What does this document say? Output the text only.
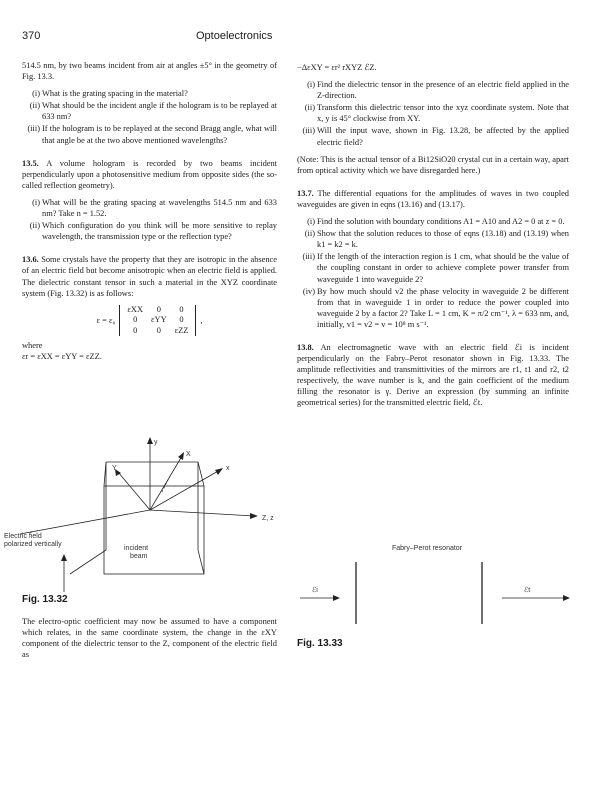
370	Optoelectronics

514.5 nm, by two beams incident from air at angles ±5° in the geometry of Fig. 13.3.

(i) What is the grating spacing in the material?
(ii) What should be the incident angle if the hologram is to be replayed at 633 nm?
(iii) If the hologram is to be replayed at the second Bragg angle, what will that angle be at the two above mentioned wavelengths?

13.5. A volume hologram is recorded by two beams incident perpendicularly upon a photosensitive medium from opposite sides (the so-called reflection geometry).

(i) What will be the grating spacing at wavelengths 514.5 nm and 633 nm? Take n = 1.52.
(ii) Which configuration do you think will be more sensitive to replay wavelength, the transmission type or the reflection type?

13.6. Some crystals have the property that they are isotropic in the absence of an electric field but become anisotropic when an electric field is applied. The dielectric constant tensor in such a material in the XYZ coordinate system (Fig. 13.32) is as follows:

ε = ε₀
εXX	0	0
0	εYY	0
0	0	εZZ
,

where

εr = εXX = εYY = εZZ.

y
Y
X
x
Z, z
Electric field
polarized vertically
incident
beam
Fig. 13.32

The electro-optic coefficient may now be assumed to have a component which relates, in the same coordinate system, the change in the εXY component of the dielectric tensor to the Z, component of the electric field as

−ΔεXY = εr² rXYZ ℰZ.

(i) Find the dielectric tensor in the presence of an electric field applied in the Z-direction.
(ii) Transform this dielectric tensor into the xyz coordinate system. Note that x, y is 45° clockwise from XY.
(iii) Will the input wave, shown in Fig. 13.28, be affected by the applied electric field?

(Note: This is the actual tensor of a Bi12SiO20 crystal cut in a certain way, apart from optical activity which we have disregarded here.)

13.7. The differential equations for the amplitudes of waves in two coupled waveguides are given in eqns (13.16) and (13.17).

(i) Find the solution with boundary conditions A1 = A10 and A2 = 0 at z = 0.
(ii) Show that the solution reduces to those of eqns (13.18) and (13.19) when k1 = k2 = k.
(iii) If the length of the interaction region is 1 cm, what should be the value of the coupling constant in order to achieve complete power transfer from waveguide 1 into waveguide 2?
(iv) By how much should v2 the phase velocity in waveguide 2 be different from that in waveguide 1 in order to reduce the power coupled into waveguide 2 by a factor 2? Take L = 1 cm, K = π/2 cm⁻¹, λ = 633 nm, and, initially, v1 = v2 = v = 10⁸ m s⁻¹.

13.8. An electromagnetic wave with an electric field ℰi is incident perpendicularly on the Fabry–Perot resonator shown in Fig. 13.33. The amplitude reflectivities and transmittivities of the mirrors are r1, t1 and r2, t2 respectively, the wave number is k, and the gain coefficient of the medium filling the resonator is γ. Derive an expression (by summing an infinite geometrical series) for the transmitted electric field, ℰt.

Fabry–Perot resonator
ℰi	ℰt
Fig. 13.33
